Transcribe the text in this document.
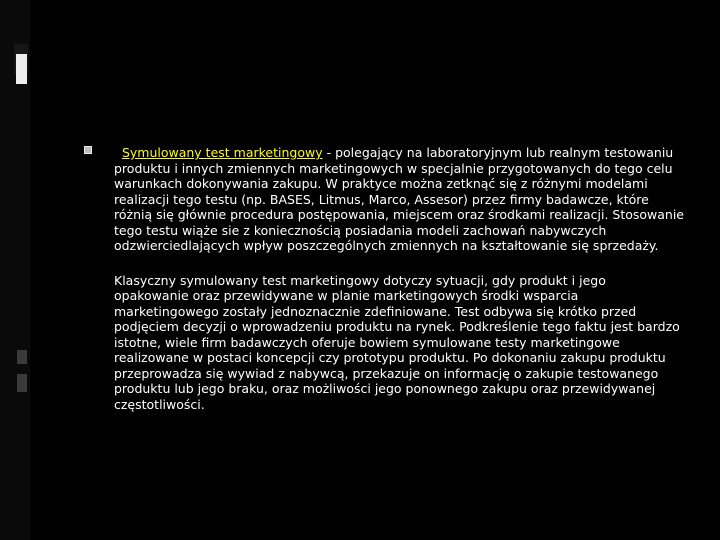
Symulowany test marketingowy - polegający na laboratoryjnym lub realnym testowaniu produktu i innych zmiennych marketingowych w specjalnie przygotowanych do tego celu warunkach dokonywania zakupu. W praktyce można zetknąć się z różnymi modelami realizacji tego testu (np. BASES, Litmus, Marco, Assesor) przez firmy badawcze, które różnią się głównie procedura postępowania, miejscem oraz środkami realizacji. Stosowanie tego testu wiąże sie z koniecznością posiadania modeli zachowań nabywczych odzwierciedlających wpływ poszczególnych zmiennych na kształtowanie się sprzedaży.

Klasyczny symulowany test marketingowy dotyczy sytuacji, gdy produkt i jego opakowanie oraz przewidywane w planie marketingowych środki wsparcia marketingowego zostały jednoznacznie zdefiniowane. Test odbywa się krótko przed podjęciem decyzji o wprowadzeniu produktu na rynek. Podkreślenie tego faktu jest bardzo istotne, wiele firm badawczych oferuje bowiem symulowane testy marketingowe realizowane w postaci koncepcji czy prototypu produktu. Po dokonaniu zakupu produktu przeprowadza się wywiad z nabywcą, przekazuje on informację o zakupie testowanego produktu lub jego braku, oraz możliwości jego ponownego zakupu oraz przewidywanej częstotliwości.
